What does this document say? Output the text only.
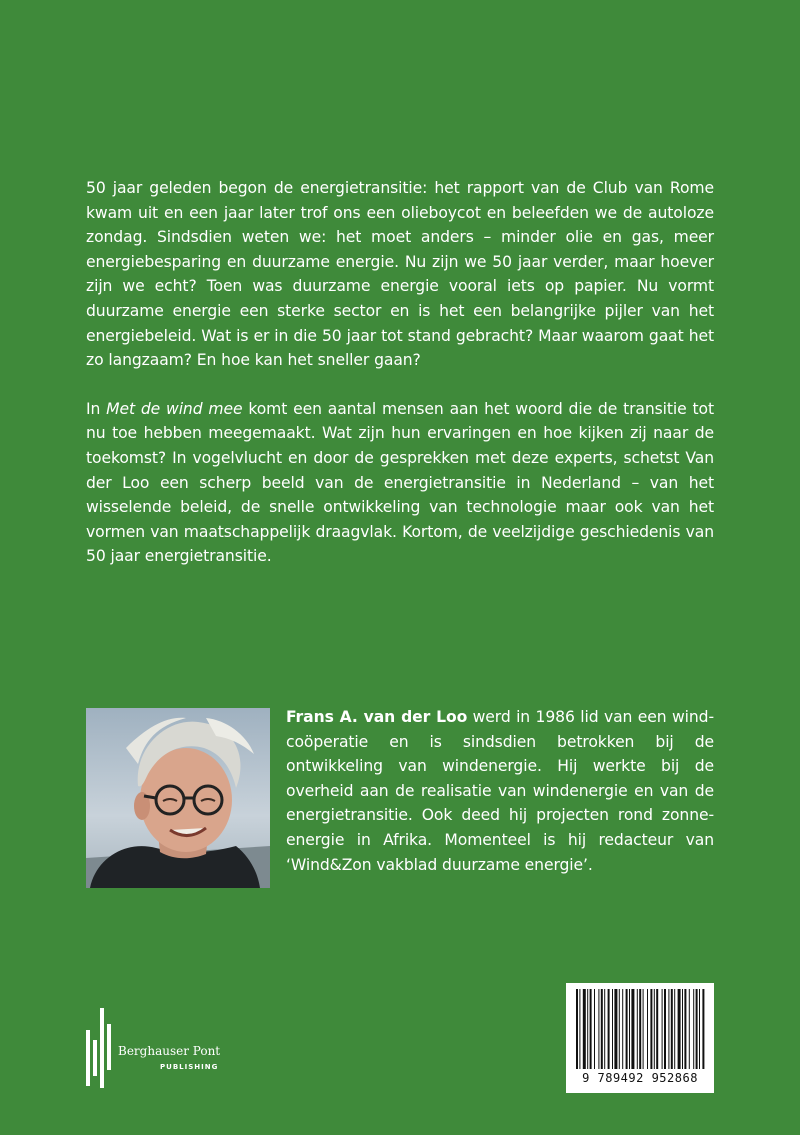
50 jaar geleden begon de energietransitie: het rapport van de Club van Rome kwam uit en een jaar later trof ons een olieboycot en beleefden we de autoloze zondag. Sindsdien weten we: het moet anders – minder olie en gas, meer energiebesparing en duurzame energie. Nu zijn we 50 jaar verder, maar hoever zijn we echt? Toen was duurzame energie vooral iets op papier. Nu vormt duurzame energie een sterke sector en is het een belangrijke pijler van het energiebeleid. Wat is er in die 50 jaar tot stand gebracht? Maar waarom gaat het zo langzaam? En hoe kan het sneller gaan?

In Met de wind mee komt een aantal mensen aan het woord die de transitie tot nu toe hebben meegemaakt. Wat zijn hun ervaringen en hoe kijken zij naar de toekomst? In vogelvlucht en door de gesprekken met deze experts, schetst Van der Loo een scherp beeld van de energietransitie in Nederland – van het wisselende beleid, de snelle ontwikkeling van technologie maar ook van het vormen van maatschappelijk draagvlak. Kortom, de veelzijdige geschiedenis van 50 jaar energietransitie.

Frans A. van der Loo werd in 1986 lid van een wind-coöperatie en is sindsdien betrokken bij de ontwikkeling van windenergie. Hij werkte bij de overheid aan de realisatie van windenergie en van de energietransitie. Ook deed hij projecten rond zonne-energie in Afrika. Momenteel is hij redacteur van ‘Wind&Zon vakblad duurzame energie’.
Berghauser Pont
PUBLISHING
9 789492 952868
